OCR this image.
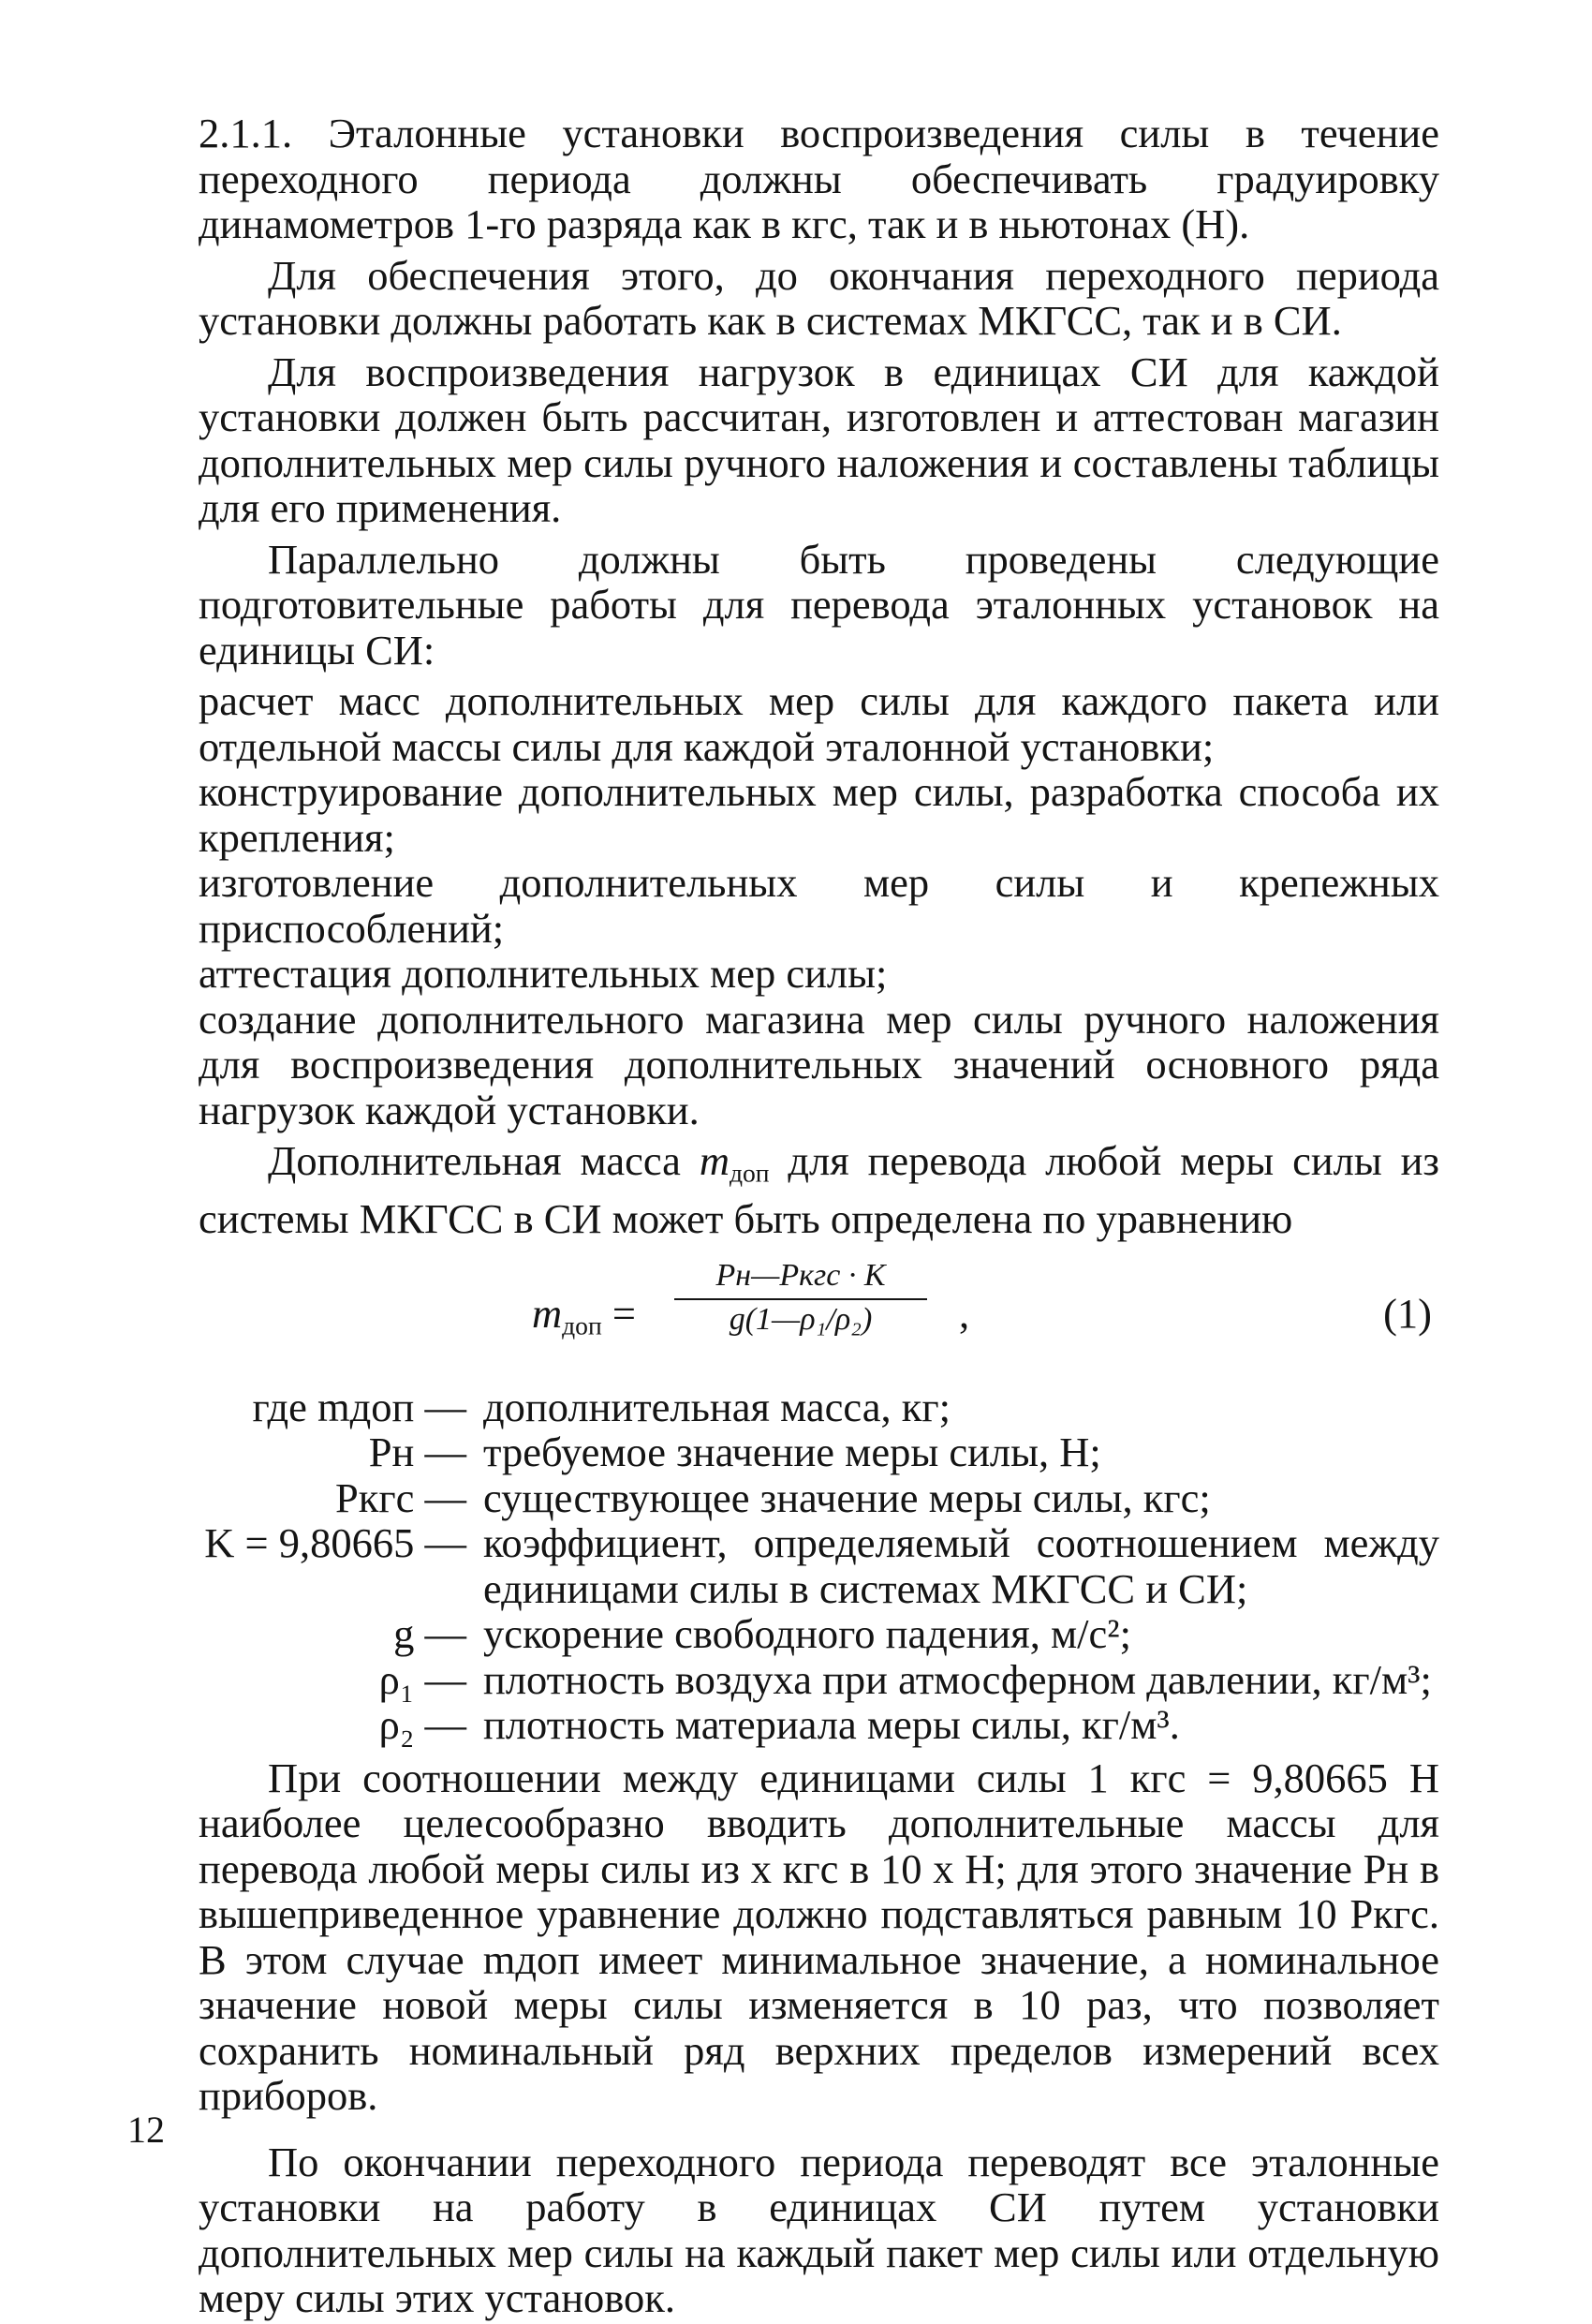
2.1.1. Эталонные установки воспроизведения силы в течение переходного периода должны обеспечивать градуировку динамометров 1-го разряда как в кгс, так и в ньютонах (Н).

Для обеспечения этого, до окончания переходного периода установки должны работать как в системах МКГСС, так и в СИ.

Для воспроизведения нагрузок в единицах СИ для каждой установки должен быть рассчитан, изготовлен и аттестован магазин дополнительных мер силы ручного наложения и составлены таблицы для его применения.

Параллельно должны быть проведены следующие подготовительные работы для перевода эталонных установок на единицы СИ:

расчет масс дополнительных мер силы для каждого пакета или отдельной массы силы для каждой эталонной установки;

конструирование дополнительных мер силы, разработка способа их крепления;

изготовление дополнительных мер силы и крепежных приспособлений;

аттестация дополнительных мер силы;

создание дополнительного магазина мер силы ручного наложения для воспроизведения дополнительных значений основного ряда нагрузок каждой установки.

Дополнительная масса $m_{доп}$ для перевода любой меры силы из системы МКГСС в СИ может быть определена по уравнению

$m_{доп}$ =
Pн—Pкгс · K
g(1—ρ₁/ρ₂)	,	(1)
где mдоп — дополнительная масса, кг;
Pн — требуемое значение меры силы, Н;
Pкгс — существующее значение меры силы, кгс;
K = 9,80665 — коэффициент, определяемый соотношением между единицами силы в системах МКГСС и СИ;
g — ускорение свободного падения, м/с²;
ρ₁ — плотность воздуха при атмосферном давлении, кг/м³;
ρ₂ — плотность материала меры силы, кг/м³.

При соотношении между единицами силы 1 кгс = 9,80665 Н наиболее целесообразно вводить дополнительные массы для перевода любой меры силы из x кгс в 10 x Н; для этого значение Pн в вышеприведенное уравнение должно подставляться равным 10 Pкгс. В этом случае mдоп имеет минимальное значение, а номинальное значение новой меры силы изменяется в 10 раз, что позволяет сохранить номинальный ряд верхних пределов измерений всех приборов.

По окончании переходного периода переводят все эталонные установки на работу в единицах СИ путем установки дополнительных мер силы на каждый пакет мер силы или отдельную меру силы этих установок.

12
